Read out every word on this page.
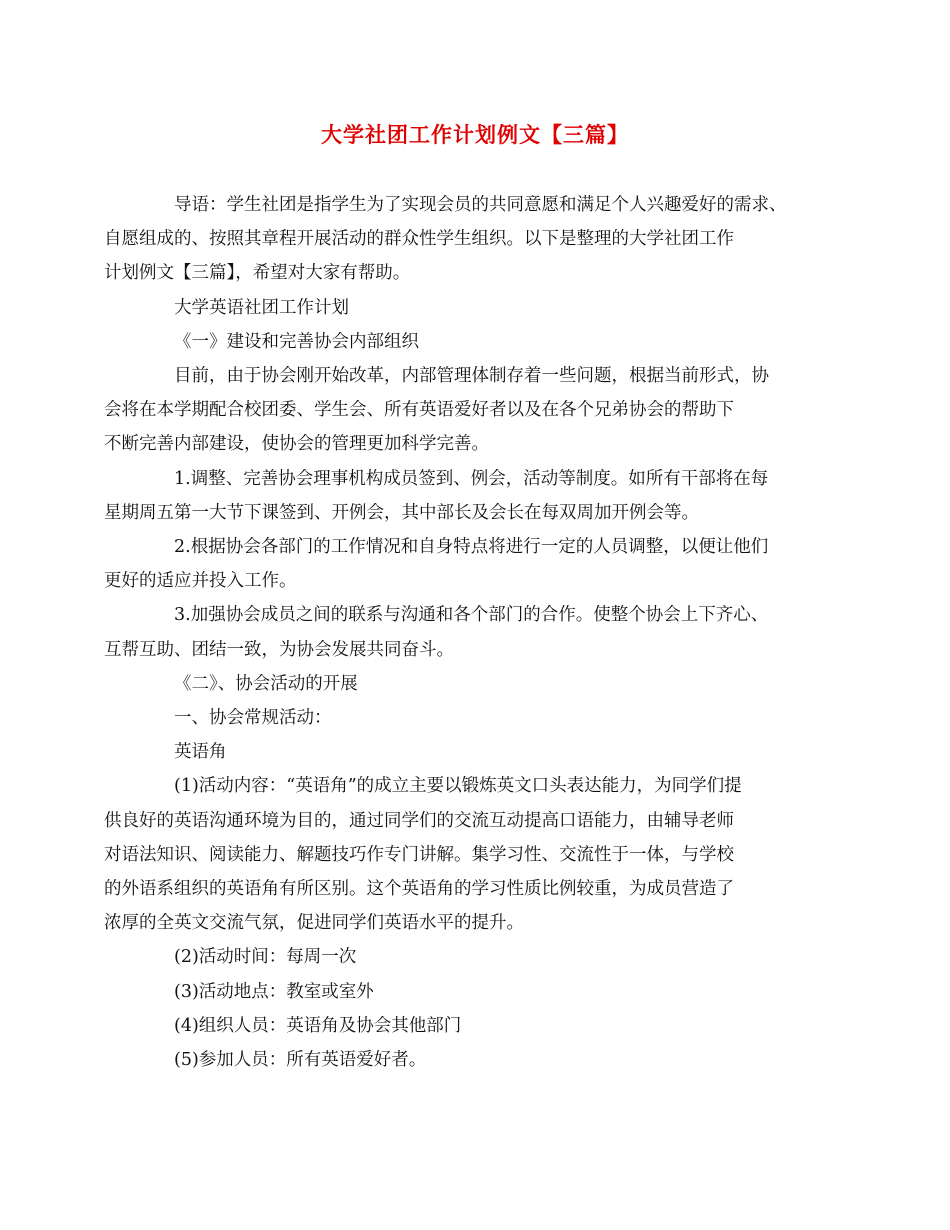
大学社团工作计划例文【三篇】

导语：学生社团是指学生为了实现会员的共同意愿和满足个人兴趣爱好的需求、
自愿组成的、按照其章程开展活动的群众性学生组织。以下是整理的大学社团工作
计划例文【三篇】，希望对大家有帮助。

大学英语社团工作计划

《一》建设和完善协会内部组织

目前，由于协会刚开始改革，内部管理体制存着一些问题，根据当前形式，协
会将在本学期配合校团委、学生会、所有英语爱好者以及在各个兄弟协会的帮助下
不断完善内部建设，使协会的管理更加科学完善。

1.调整、完善协会理事机构成员签到、例会，活动等制度。如所有干部将在每
星期周五第一大节下课签到、开例会，其中部长及会长在每双周加开例会等。

2.根据协会各部门的工作情况和自身特点将进行一定的人员调整，以便让他们
更好的适应并投入工作。

3.加强协会成员之间的联系与沟通和各个部门的合作。使整个协会上下齐心、
互帮互助、团结一致，为协会发展共同奋斗。

《二》、协会活动的开展

一、协会常规活动：

英语角

(1)活动内容：“英语角”的成立主要以锻炼英文口头表达能力，为同学们提
供良好的英语沟通环境为目的，通过同学们的交流互动提高口语能力，由辅导老师
对语法知识、阅读能力、解题技巧作专门讲解。集学习性、交流性于一体，与学校
的外语系组织的英语角有所区别。这个英语角的学习性质比例较重，为成员营造了
浓厚的全英文交流气氛，促进同学们英语水平的提升。

(2)活动时间：每周一次

(3)活动地点：教室或室外

(4)组织人员：英语角及协会其他部门

(5)参加人员：所有英语爱好者。
